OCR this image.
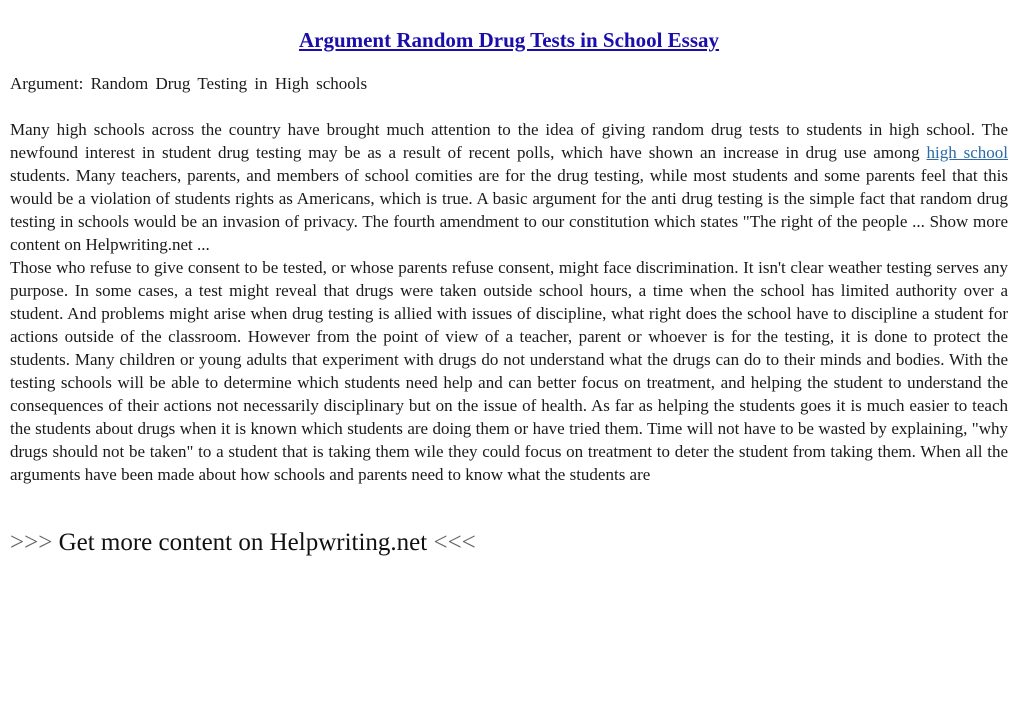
Argument Random Drug Tests in School Essay

Argument: Random Drug Testing in High schools

Many high schools across the country have brought much attention to the idea of giving random drug tests to students in high school. The newfound interest in student drug testing may be as a result of recent polls, which have shown an increase in drug use among high school students. Many teachers, parents, and members of school comities are for the drug testing, while most students and some parents feel that this would be a violation of students rights as Americans, which is true. A basic argument for the anti drug testing is the simple fact that random drug testing in schools would be an invasion of privacy. The fourth amendment to our constitution which states "The right of the people ... Show more content on Helpwriting.net ...

Those who refuse to give consent to be tested, or whose parents refuse consent, might face discrimination. It isn't clear weather testing serves any purpose. In some cases, a test might reveal that drugs were taken outside school hours, a time when the school has limited authority over a student. And problems might arise when drug testing is allied with issues of discipline, what right does the school have to discipline a student for actions outside of the classroom. However from the point of view of a teacher, parent or whoever is for the testing, it is done to protect the students. Many children or young adults that experiment with drugs do not understand what the drugs can do to their minds and bodies. With the testing schools will be able to determine which students need help and can better focus on treatment, and helping the student to understand the consequences of their actions not necessarily disciplinary but on the issue of health. As far as helping the students goes it is much easier to teach the students about drugs when it is known which students are doing them or have tried them. Time will not have to be wasted by explaining, "why drugs should not be taken" to a student that is taking them wile they could focus on treatment to deter the student from taking them. When all the arguments have been made about how schools and parents need to know what the students are

>>> Get more content on Helpwriting.net <<<
